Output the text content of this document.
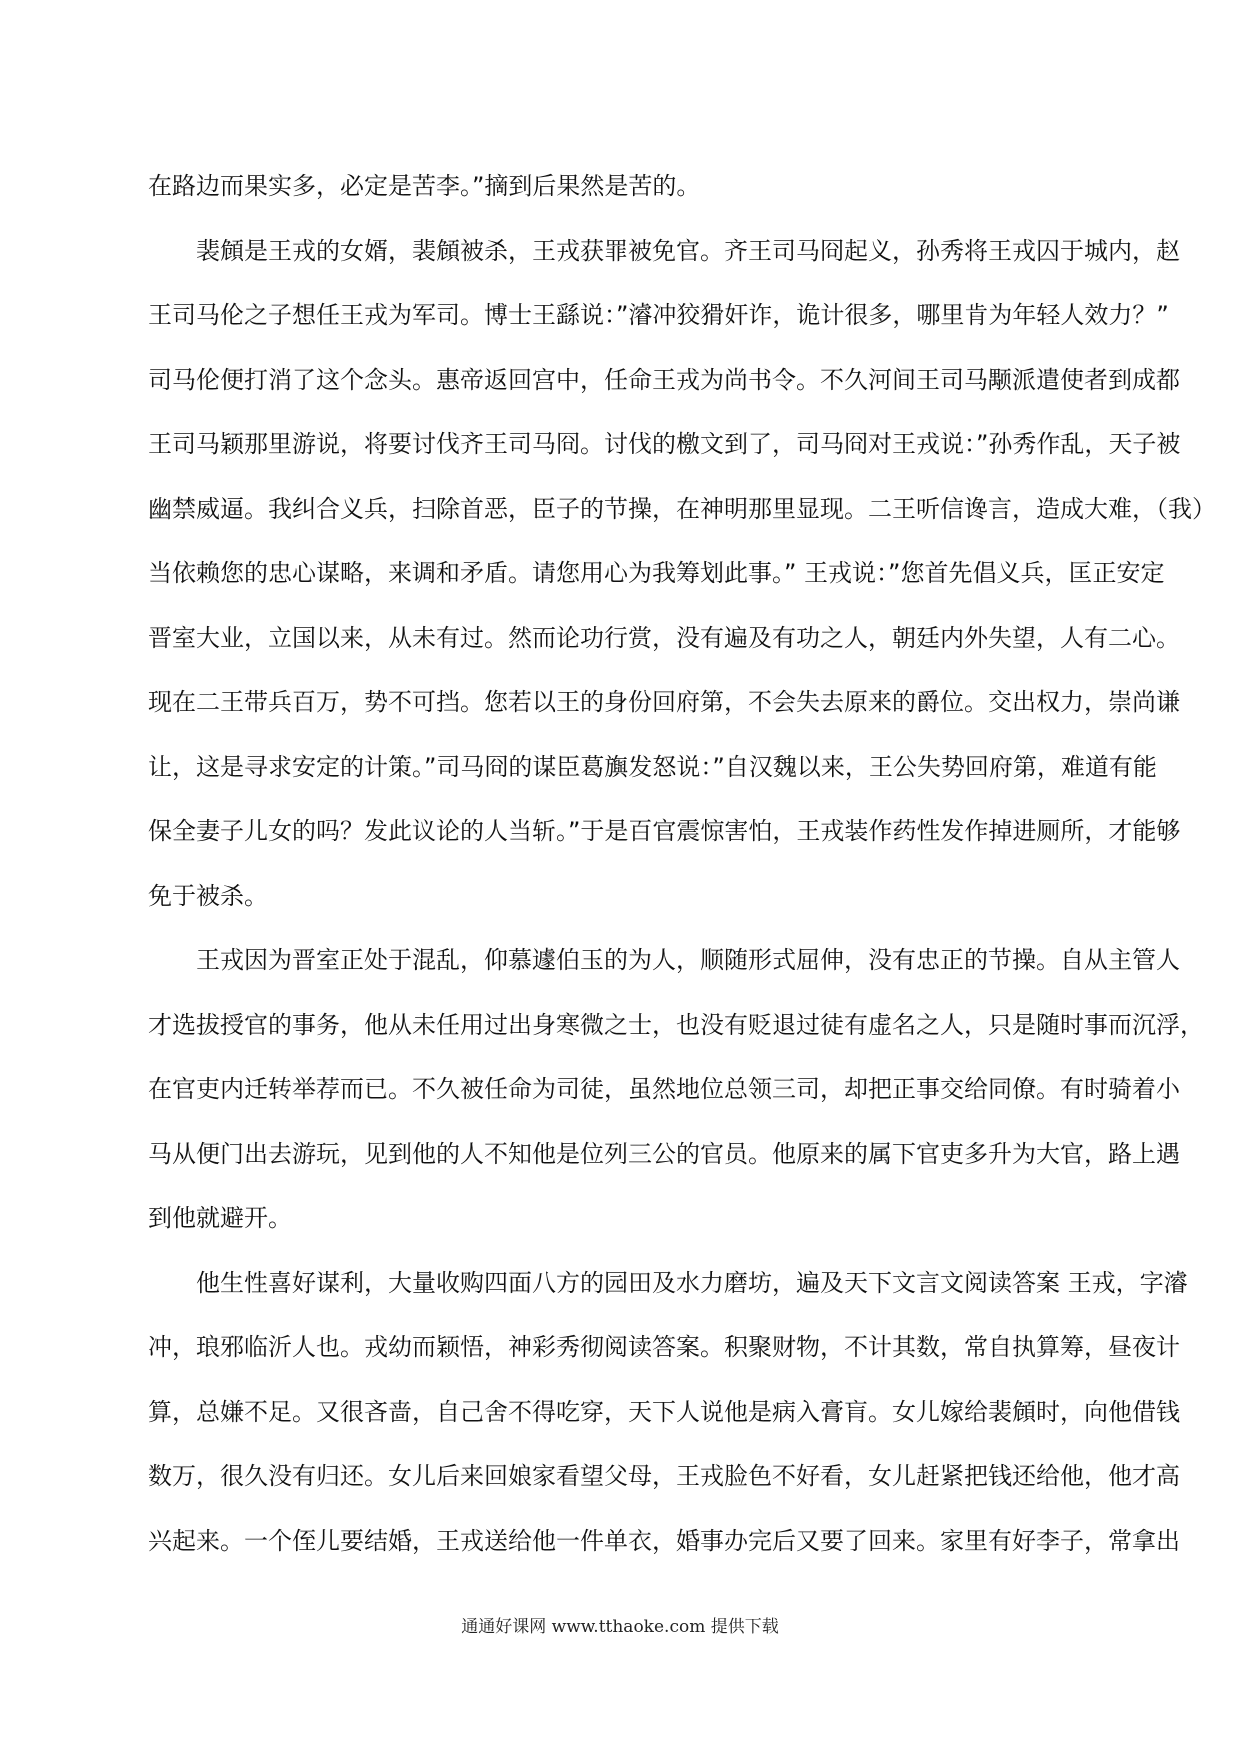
在路边而果实多，必定是苦李。”摘到后果然是苦的。
裴頠是王戎的女婿，裴頠被杀，王戎获罪被免官。齐王司马冏起义，孙秀将王戎囚于城内，赵
王司马伦之子想任王戎为军司。博士王繇说：”濬冲狡猾奸诈，诡计很多，哪里肯为年轻人效力？”
司马伦便打消了这个念头。惠帝返回宫中，任命王戎为尚书令。不久河间王司马颙派遣使者到成都
王司马颖那里游说，将要讨伐齐王司马冏。讨伐的檄文到了，司马冏对王戎说：”孙秀作乱，天子被
幽禁威逼。我纠合义兵，扫除首恶，臣子的节操，在神明那里显现。二王听信谗言，造成大难，（我）
当依赖您的忠心谋略，来调和矛盾。请您用心为我筹划此事。” 王戎说：”您首先倡义兵，匡正安定
晋室大业，立国以来，从未有过。然而论功行赏，没有遍及有功之人，朝廷内外失望，人有二心。
现在二王带兵百万，势不可挡。您若以王的身份回府第，不会失去原来的爵位。交出权力，崇尚谦
让，这是寻求安定的计策。”司马冏的谋臣葛旟发怒说：”自汉魏以来，王公失势回府第，难道有能
保全妻子儿女的吗？发此议论的人当斩。”于是百官震惊害怕，王戎装作药性发作掉进厕所，才能够
免于被杀。
王戎因为晋室正处于混乱，仰慕遽伯玉的为人，顺随形式屈伸，没有忠正的节操。自从主管人
才选拔授官的事务，他从未任用过出身寒微之士，也没有贬退过徒有虚名之人，只是随时事而沉浮，
在官吏内迁转举荐而已。不久被任命为司徒，虽然地位总领三司，却把正事交给同僚。有时骑着小
马从便门出去游玩，见到他的人不知他是位列三公的官员。他原来的属下官吏多升为大官，路上遇
到他就避开。
他生性喜好谋利，大量收购四面八方的园田及水力磨坊，遍及天下文言文阅读答案 王戎，字濬
冲，琅邪临沂人也。戎幼而颖悟，神彩秀彻阅读答案。积聚财物，不计其数，常自执算筹，昼夜计
算，总嫌不足。又很吝啬，自己舍不得吃穿，天下人说他是病入膏肓。女儿嫁给裴頠时，向他借钱
数万，很久没有归还。女儿后来回娘家看望父母，王戎脸色不好看，女儿赶紧把钱还给他，他才高
兴起来。一个侄儿要结婚，王戎送给他一件单衣，婚事办完后又要了回来。家里有好李子，常拿出
通通好课网 www.tthaoke.com 提供下载
